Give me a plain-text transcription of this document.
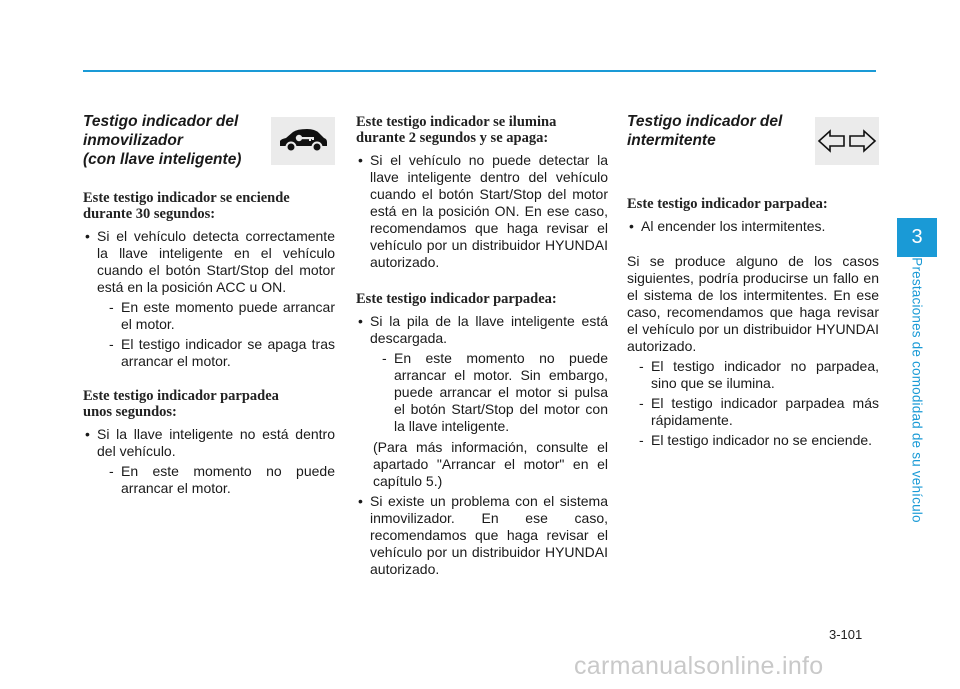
Testigo indicador del
inmovilizador
(con llave inteligente)
Este testigo indicador se enciende
durante 30 segundos:
• Si el vehículo detecta correctamente la llave inteligente en el vehículo cuando el botón Start/Stop del motor está en la posición ACC u ON.
- En este momento puede arrancar el motor.
- El testigo indicador se apaga tras arrancar el motor.
Este testigo indicador parpadea
unos segundos:
• Si la llave inteligente no está dentro del vehículo.
- En este momento no puede arrancar el motor.
Este testigo indicador se ilumina
durante 2 segundos y se apaga:
• Si el vehículo no puede detectar la llave inteligente dentro del vehículo cuando el botón Start/Stop del motor está en la posición ON. En ese caso, recomendamos que haga revisar el vehículo por un distribuidor HYUNDAI autorizado.
Este testigo indicador parpadea:
• Si la pila de la llave inteligente está descargada.
- En este momento no puede arrancar el motor. Sin embargo, puede arrancar el motor si pulsa el botón Start/Stop del motor con la llave inteligente.

(Para más información, consulte el apartado "Arrancar el motor" en el capítulo 5.)

• Si existe un problema con el sistema inmovilizador. En ese caso, recomendamos que haga revisar el vehículo por un distribuidor HYUNDAI autorizado.
Testigo indicador del
intermitente
Este testigo indicador parpadea:
• Al encender los intermitentes.

Si se produce alguno de los casos siguientes, podría producirse un fallo en el sistema de los intermitentes. En ese caso, recomendamos que haga revisar el vehículo por un distribuidor HYUNDAI autorizado.

- El testigo indicador no parpadea, sino que se ilumina.
- El testigo indicador parpadea más rápidamente.
- El testigo indicador no se enciende.
3
Prestaciones de comodidad de su vehículo
3-101
carmanualsonline.info
